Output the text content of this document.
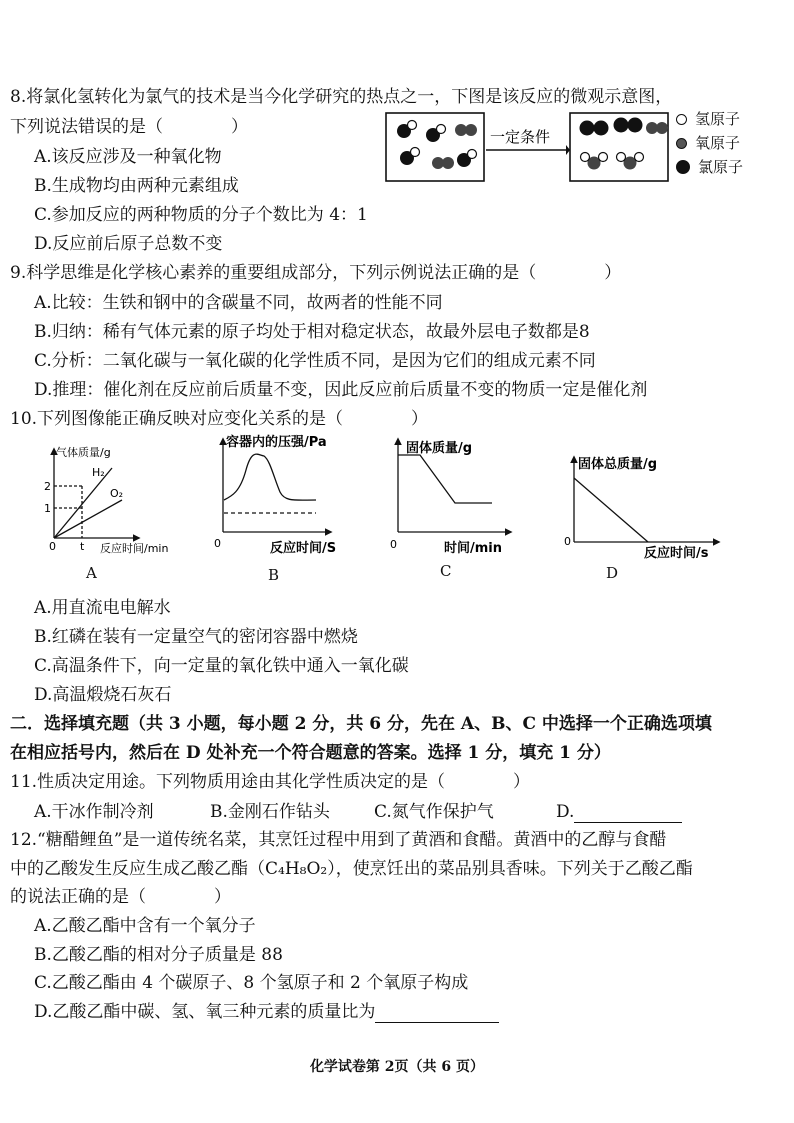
8.将氯化氢转化为氯气的技术是当今化学研究的热点之一，下图是该反应的微观示意图，
下列说法错误的是（　　　　）
A.该反应涉及一种氧化物
B.生成物均由两种元素组成
C.参加反应的两种物质的分子个数比为 4：1
D.反应前后原子总数不变
一定条件
氢原子
氧原子
氯原子
9.科学思维是化学核心素养的重要组成部分，下列示例说法正确的是（　　　　）
A.比较：生铁和钢中的含碳量不同，故两者的性能不同
B.归纳：稀有气体元素的原子均处于相对稳定状态，故最外层电子数都是8
C.分析：二氧化碳与一氧化碳的化学性质不同，是因为它们的组成元素不同
D.推理：催化剂在反应前后质量不变，因此反应前后质量不变的物质一定是催化剂
10.下列图像能正确反映对应变化关系的是（　　　　）
气体质量/g
2
1
0 t 反应时间/min
H₂
O₂
容器内的压强/Pa
0	反应时间/S
固体质量/g
0	时间/min
固体总质量/g
0
反应时间/s
A	B	C	D
A.用直流电电解水
B.红磷在装有一定量空气的密闭容器中燃烧
C.高温条件下，向一定量的氧化铁中通入一氧化碳
D.高温煅烧石灰石
二．选择填充题（共 3 小题，每小题 2 分，共 6 分，先在 A、B、C 中选择一个正确选项填
在相应括号内，然后在 D 处补充一个符合题意的答案。选择 1 分，填充 1 分）
11.性质决定用途。下列物质用途由其化学性质决定的是（　　　　）
A.干冰作制冷剂	B.金刚石作钻头	C.氮气作保护气	D.
12.“糖醋鲤鱼”是一道传统名菜，其烹饪过程中用到了黄酒和食醋。黄酒中的乙醇与食醋
中的乙酸发生反应生成乙酸乙酯（C₄H₈O₂），使烹饪出的菜品别具香味。下列关于乙酸乙酯
的说法正确的是（　　　　）
A.乙酸乙酯中含有一个氧分子
B.乙酸乙酯的相对分子质量是 88
C.乙酸乙酯由 4 个碳原子、8 个氢原子和 2 个氧原子构成
D.乙酸乙酯中碳、氢、氧三种元素的质量比为
化学试卷第 2页（共 6 页）
